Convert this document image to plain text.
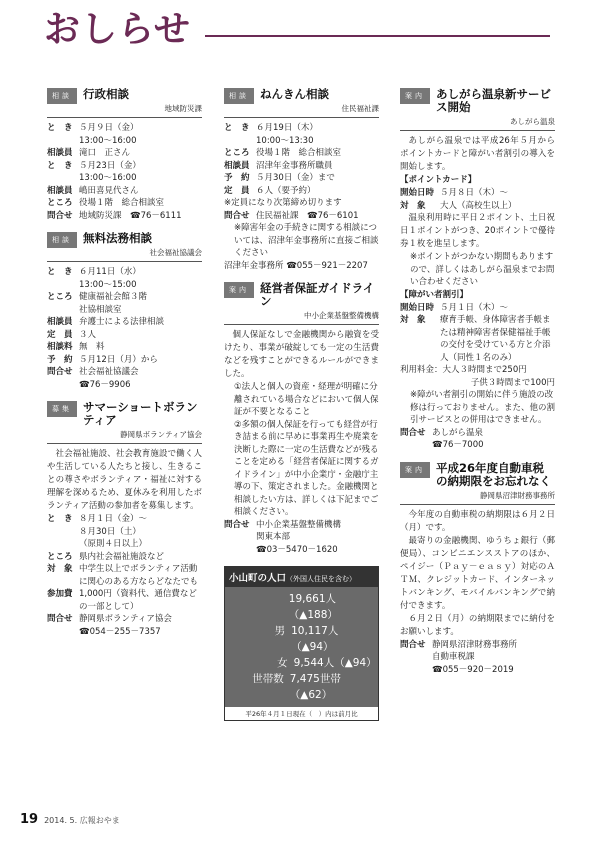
おしらせ
相談 行政相談
地域防災課
と　き ５月９日（金）
13:00～16:00
相談員 滝口　正さん
と　き ５月23日（金）
13:00～16:00
相談員 嶋田喜見代さん
ところ 役場１階　総合相談室
問合せ 地域防災課　☎76－6111
相談 無料法務相談
社会福祉協議会
と　き ６月11日（水）
13:00～15:00
ところ 健康福祉会館３階
社協相談室
相談員 弁護士による法律相談
定　員 ３人
相談料 無　料
予　約 ５月12日（月）から
問合せ 社会福祉協議会
☎76－9906
募集 サマーショートボランティア
静岡県ボランティア協会
社会福祉施設、社会教育施設で働く人や生活している人たちと接し、生きることの尊さやボランティア・福祉に対する理解を深めるため、夏休みを利用したボランティア活動の参加者を募集します。
と　き ８月１日（金）～
８月30日（土）
（原則４日以上）
ところ 県内社会福祉施設など
対　象 中学生以上でボランティア活動に関心のある方ならどなたでも
参加費 1,000円（資料代、通信費などの一部として）
問合せ 静岡県ボランティア協会
☎054－255－7357
相談 ねんきん相談
住民福祉課
と　き ６月19日（木）
10:00～13:30
ところ 役場１階　総合相談室
相談員 沼津年金事務所職員
予　約 ５月30日（金）まで
定　員 ６人（要予約）
※定員になり次第締め切ります
問合せ 住民福祉課　☎76－6101
※障害年金の手続きに関する相談については、沼津年金事務所に直接ご相談ください
沼津年金事務所 ☎055－921－2207
案内 経営者保証ガイドライン
中小企業基盤整備機構
個人保証なしで金融機関から融資を受けたり、事業が破綻しても一定の生活費などを残すことができるルールができました。
①法人と個人の資産・経理が明確に分離されている場合などにおいて個人保証が不要となること
②多額の個人保証を行っても経営が行き詰まる前に早めに事業再生や廃業を決断した際に一定の生活費などが残ることを定める「経営者保証に関するガイドライン」が中小企業庁・金融庁主導の下、策定されました。金融機関と相談したい方は、詳しくは下記までご相談ください。
問合せ 中小企業基盤整備機構
関東本部
☎03－5470－1620
小山町の人口（外国人住民を含む）
19,661人（▲188）
男 10,117人（▲94）
女 9,544人（▲94）
世帯数 7,475世帯（▲62）
平26年４月１日現在（　）内は前月比
案内 あしがら温泉新サービス開始
あしがら温泉
あしがら温泉では平成26年５月からポイントカードと障がい者割引の導入を開始します。
【ポイントカード】
開始日時 ５月８日（木）～
対　象	大人（高校生以上）
温泉利用時に平日２ポイント、土日祝日１ポイントがつき、20ポイントで優待券１枚を進呈します。
※ポイントがつかない期間もありますので、詳しくはあしがら温泉までお問い合わせください
【障がい者割引】
開始日時 ５月１日（木）～
対　象	療育手帳、身体障害者手帳または精神障害者保健福祉手帳の交付を受けている方と介添人（同性１名のみ）
利用料金：大人３時間まで250円
子供３時間まで100円
※障がい者割引の開始に伴う施設の改修は行っておりません。また、他の割引サービスとの併用はできません。
問合せ あしがら温泉
☎76－7000
案内 平成26年度自動車税の納期限をお忘れなく
静岡県沼津財務事務所
今年度の自動車税の納期限は６月２日（月）です。
最寄りの金融機関、ゆうちょ銀行（郵便局）、コンビニエンスストアのほか、ペイジー（Ｐａｙ－ｅａｓｙ）対応のＡＴＭ、クレジットカード、インターネットバンキング、モバイルバンキングで納付できます。
６月２日（月）の納期限までに納付をお願いします。
問合せ 静岡県沼津財務事務所
自動車税課
☎055－920－2019
19 2014. 5. 広報おやま
